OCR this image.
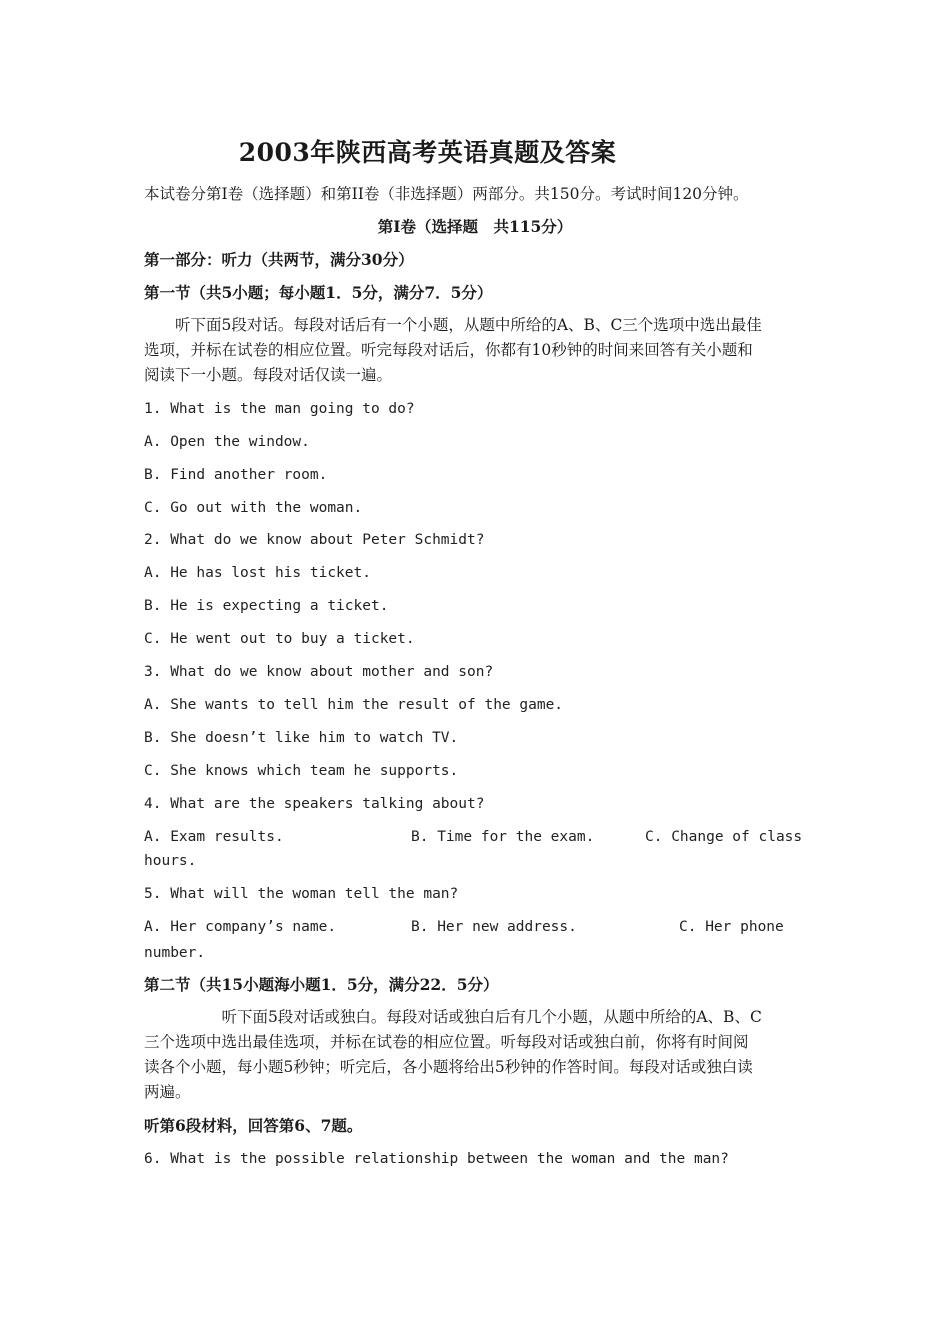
2003年陕西高考英语真题及答案
本试卷分第Ⅰ卷（选择题）和第II卷（非选择题）两部分。共150分。考试时间120分钟。
第Ⅰ卷（选择题　共115分）
第一部分：听力（共两节，满分30分）
第一节（共5小题；每小题1．5分，满分7．5分）
　　听下面5段对话。每段对话后有一个小题，从题中所给的A、B、C三个选项中选出最佳
选项，并标在试卷的相应位置。听完每段对话后，你都有10秒钟的时间来回答有关小题和
阅读下一小题。每段对话仅读一遍。
1. What is the man going to do?
A. Open the window.
B. Find another room.
C. Go out with the woman.
2. What do we know about Peter Schmidt?
A. He has lost his ticket.
B. He is expecting a ticket.
C. He went out to buy a ticket.
3. What do we know about mother and son?
A. She wants to tell him the result of the game.
B. She doesn’t like him to watch TV.
C. She knows which team he supports.
4. What are the speakers talking about?
A. Exam results.	B. Time for the exam.	C. Change of class
hours.
5. What will the woman tell the man?
A. Her company’s name.	B. Her new address.	C. Her phone
number.
第二节（共15小题海小题1．5分，满分22．5分）
　　　　　听下面5段对话或独白。每段对话或独白后有几个小题，从题中所给的A、B、C
三个选项中选出最佳选项，并标在试卷的相应位置。听每段对话或独白前，你将有时间阅
读各个小题，每小题5秒钟；听完后，各小题将给出5秒钟的作答时间。每段对话或独白读
两遍。
听第6段材料，回答第6、7题。
6. What is the possible relationship between the woman and the man?
